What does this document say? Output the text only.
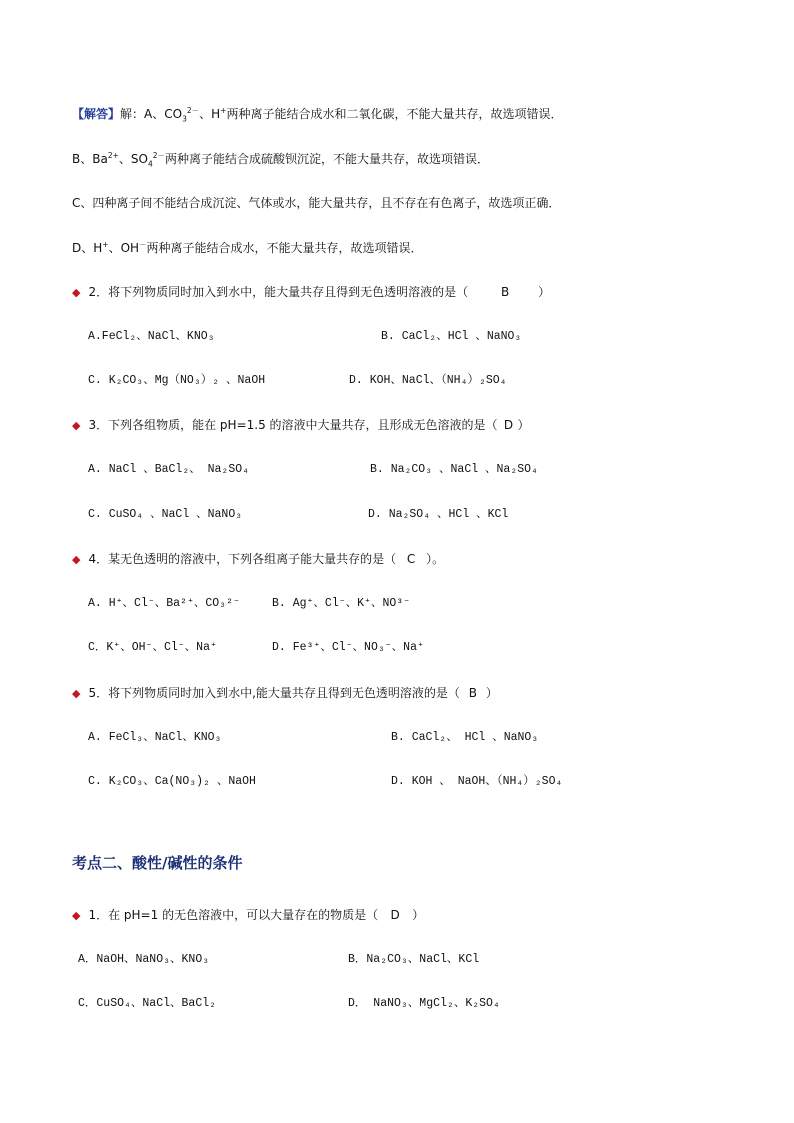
【解答】解：A、$CO_3^{2-}$、H+两种离子能结合成水和二氧化碳，不能大量共存，故选项错误．
B、$Ba^{2+}$、$SO_4^{2-}$两种离子能结合成硫酸钡沉淀，不能大量共存，故选项错误．
C、四种离子间不能结合成沉淀、气体或水，能大量共存，且不存在有色离子，故选项正确．
D、H+、OH－两种离子能结合成水，不能大量共存，故选项错误．
◆ 2．将下列物质同时加入到水中，能大量共存且得到无色透明溶液的是（	B ）
A.FeCl₂、NaCl、KNO₃	B. CaCl₂、HCl 、NaNO₃
C. K₂CO₃、Mg（NO₃）₂ 、NaOH	D. KOH、NaCl、（NH₄）₂SO₄
◆ 3．下列各组物质，能在 pH=1.5 的溶液中大量共存，且形成无色溶液的是（ D ）
A. NaCl 、BaCl₂、 Na₂SO₄	B. Na₂CO₃ 、NaCl 、Na₂SO₄
C. CuSO₄ 、NaCl 、NaNO₃	D. Na₂SO₄ 、HCl 、KCl
◆ 4．某无色透明的溶液中，下列各组离子能大量共存的是（ C ）。
A. H⁺、Cl⁻、Ba²⁺、CO₃²⁻	B. Ag⁺、Cl⁻、K⁺、NO³⁻
C．K⁺、OH⁻、Cl⁻、Na⁺	D. Fe³⁺、Cl⁻、NO₃⁻、Na⁺
◆ 5．将下列物质同时加入到水中,能大量共存且得到无色透明溶液的是（ B ）
A. FeCl₃、NaCl、KNO₃	B. CaCl₂、 HCl 、NaNO₃
C. K₂CO₃、Ca(NO₃)₂ 、NaOH	D. KOH 、 NaOH、（NH₄）₂SO₄
考点二、酸性/碱性的条件
◆ 1．在 pH=1 的无色溶液中，可以大量存在的物质是（ D ）
A．NaOH、NaNO₃、KNO₃	B．Na₂CO₃、NaCl、KCl
C．CuSO₄、NaCl、BaCl₂	D． NaNO₃、MgCl₂、K₂SO₄
